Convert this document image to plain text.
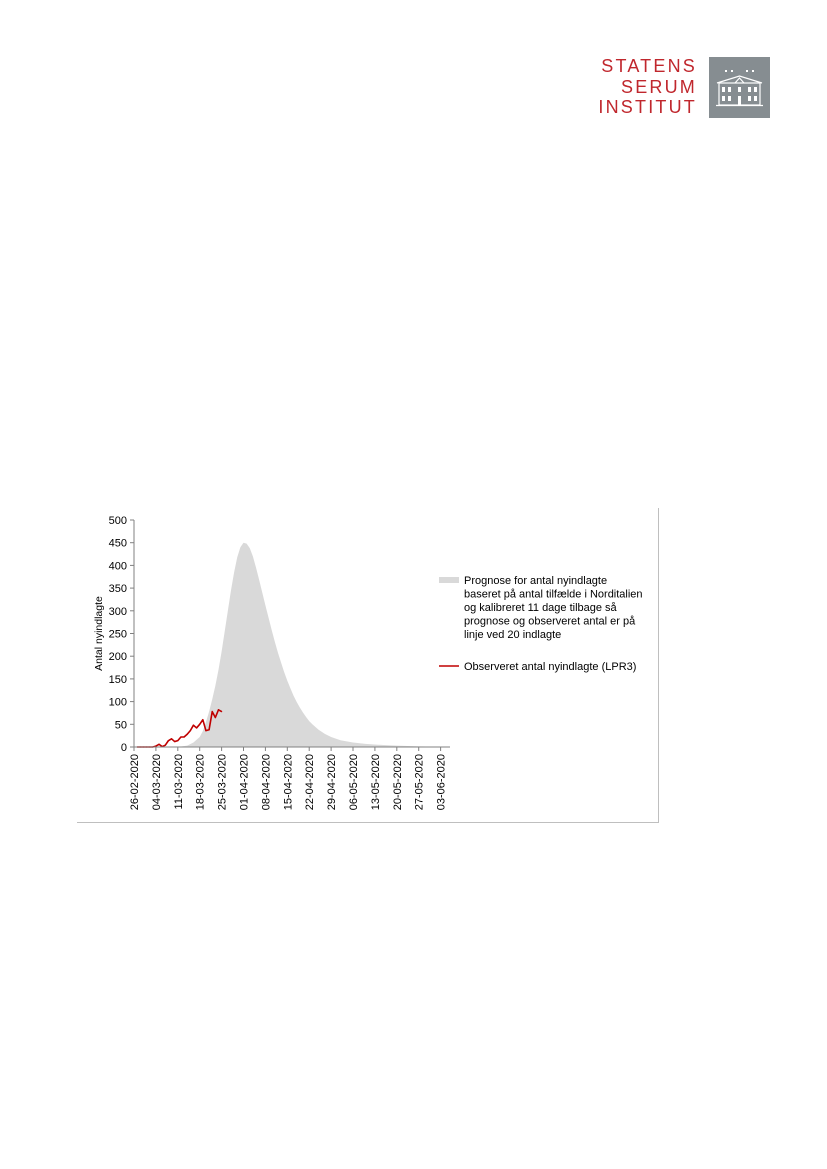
STATENS
SERUM
INSTITUT
0
50
100
150
200
250
300
350
400
450
500
26-02-2020 04-03-2020 11-03-2020 18-03-2020 25-03-2020 01-04-2020 08-04-2020 15-04-2020 22-04-2020 29-04-2020 06-05-2020 13-05-2020 20-05-2020 27-05-2020 03-06-2020
Antal nyindlagte
Prognose for antal nyindlagte baseret på antal tilfælde i Norditalien og kalibreret 11 dage tilbage så prognose og observeret antal er på linje ved 20 indlagte
Observeret antal nyindlagte (LPR3)
